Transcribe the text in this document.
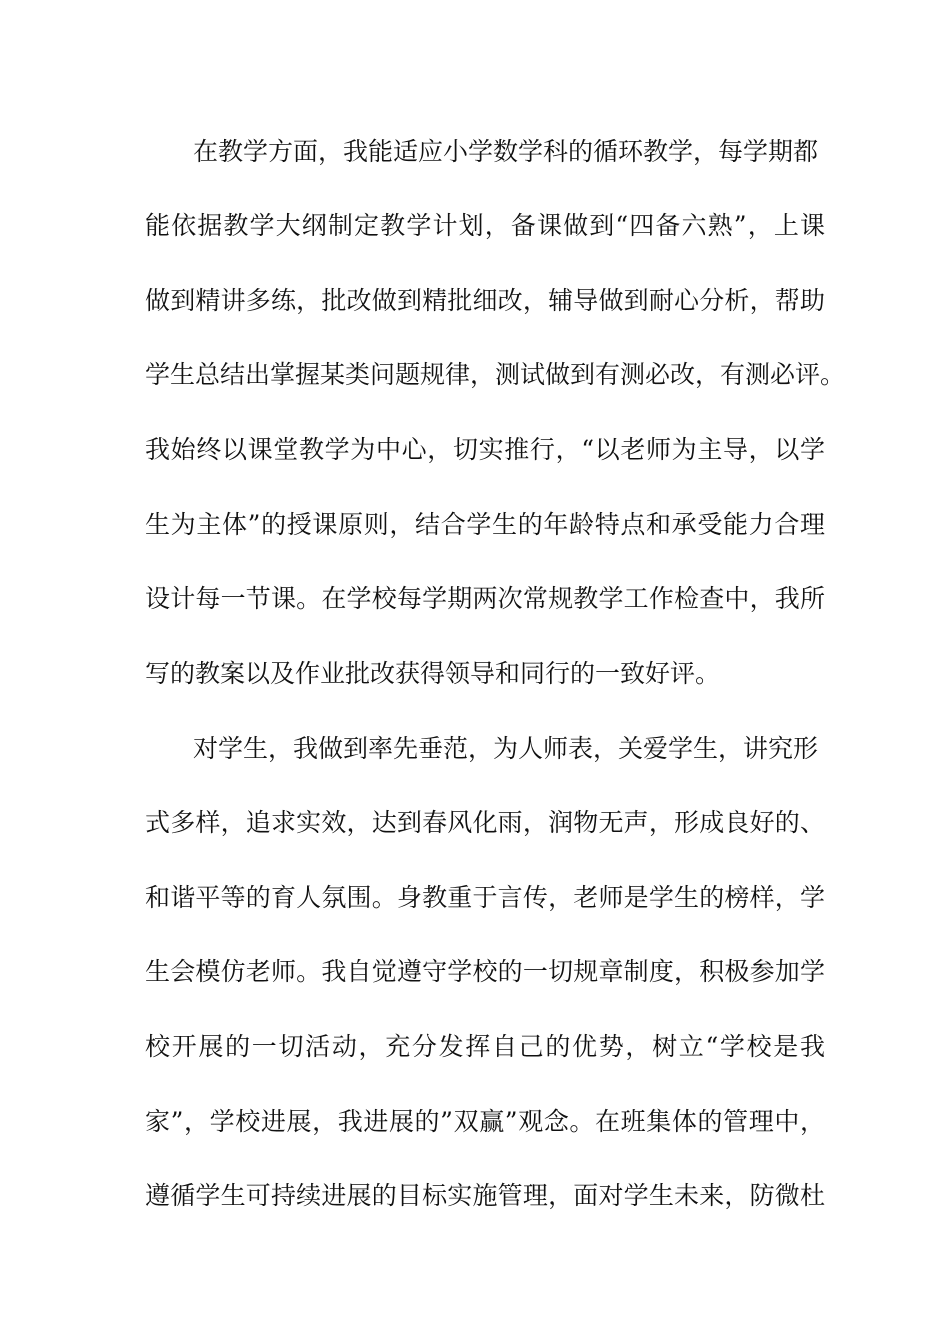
在教学方面，我能适应小学数学科的循环教学，每学期都
能依据教学大纲制定教学计划，备课做到“四备六熟”，上课
做到精讲多练，批改做到精批细改，辅导做到耐心分析，帮助
学生总结出掌握某类问题规律，测试做到有测必改，有测必评。
我始终以课堂教学为中心，切实推行，“以老师为主导，以学
生为主体”的授课原则，结合学生的年龄特点和承受能力合理
设计每一节课。在学校每学期两次常规教学工作检查中，我所
写的教案以及作业批改获得领导和同行的一致好评。
对学生，我做到率先垂范，为人师表，关爱学生，讲究形
式多样，追求实效，达到春风化雨，润物无声，形成良好的、
和谐平等的育人氛围。身教重于言传，老师是学生的榜样，学
生会模仿老师。我自觉遵守学校的一切规章制度，积极参加学
校开展的一切活动，充分发挥自己的优势，树立“学校是我
家”，学校进展，我进展的”双赢”观念。在班集体的管理中，
遵循学生可持续进展的目标实施管理，面对学生未来，防微杜
